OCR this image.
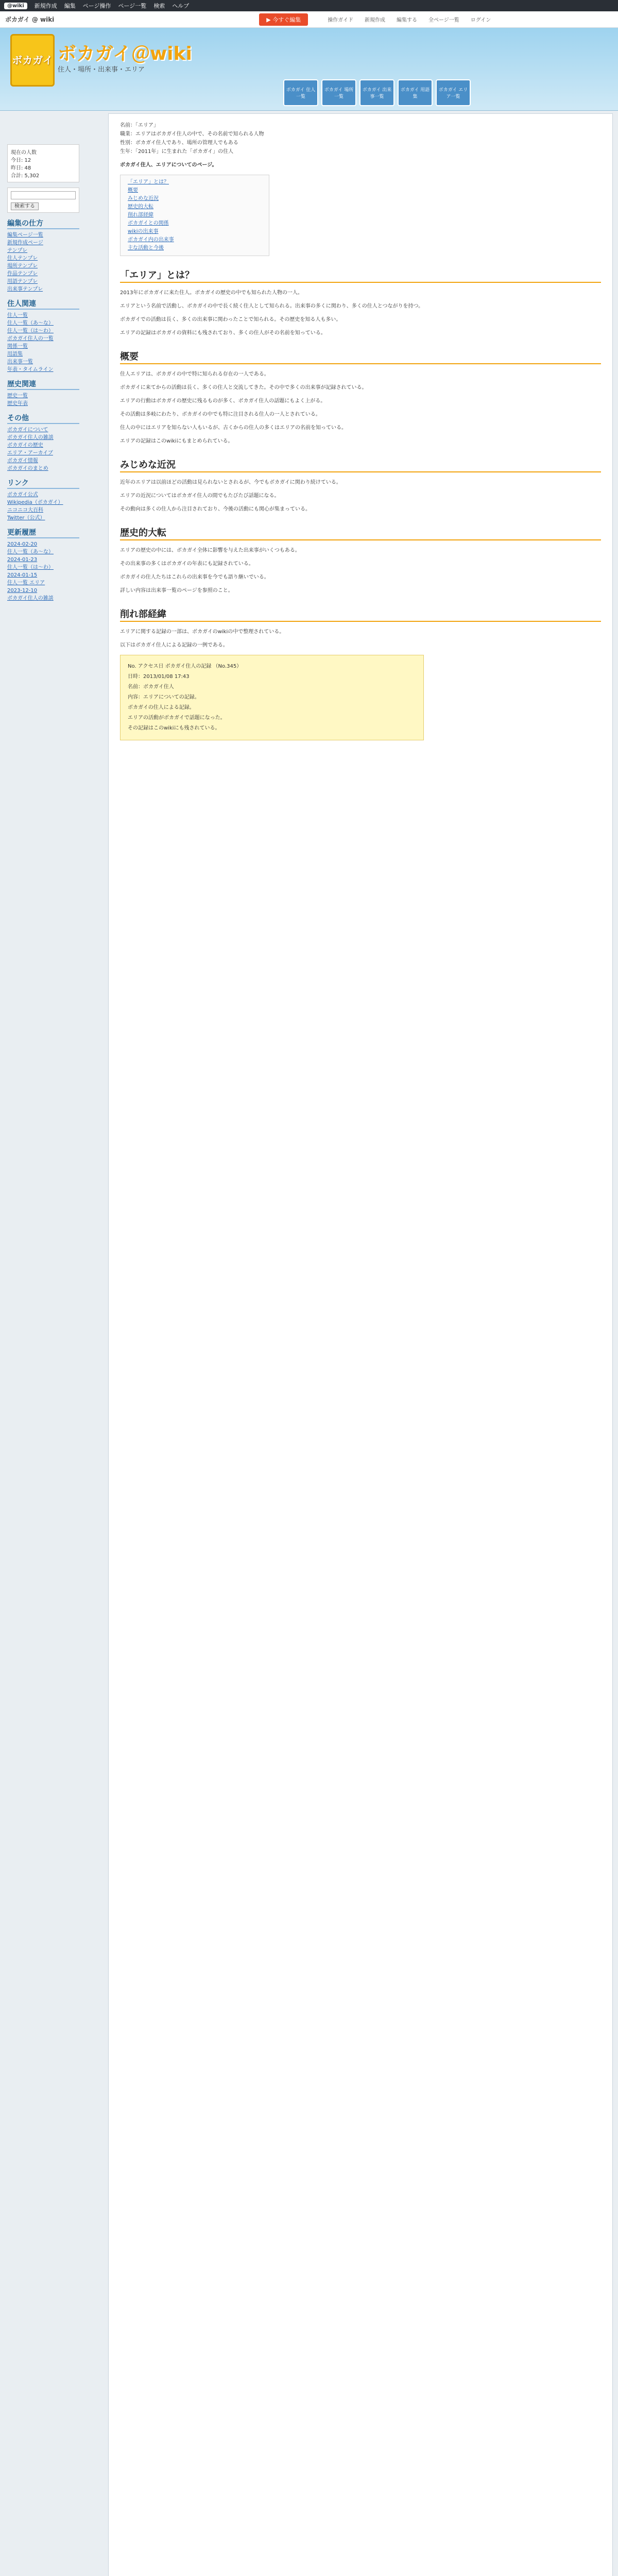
@wiki	新規作成 編集 ページ操作 ページ一覧 検索 ヘルプ
ボカガイ @ wiki	▶ 今すぐ編集	操作ガイド 新規作成 編集する 全ページ一覧 ログイン
ボカガイ ボカガイ＠wiki
住人・場所・出来事・エリア
ボカガイ 住人一覧
ボカガイ 場所一覧
ボカガイ 出来事一覧
ボカガイ 用語集
ボカガイ エリア一覧
現在の人数
今日: 12
昨日: 48
合計: 5,302
検索する
編集の仕方
編集ページ一覧
新規作成ページ
テンプレ
住人テンプレ
場所テンプレ
作品テンプレ
用語テンプレ
出来事テンプレ
住人関連
住人一覧
住人一覧（あ〜な）
住人一覧（は〜わ）
ボカガイ住人の一覧
関係一覧
用語集
出来事一覧
年表・タイムライン
歴史関連
歴史一覧
歴史年表
その他
ボカガイについて
ボカガイ住人の雑談
ボカガイの歴史
エリア・アーカイブ
ボカガイ情報
ボカガイのまとめ
リンク
ボカガイ公式
Wikipedia（ボカガイ）
ニコニコ大百科
Twitter（公式）
更新履歴
2024-02-20
住人一覧（あ〜な）
2024-01-23
住人一覧（は〜わ）
2024-01-15
住人一覧 エリア
2023-12-10
ボカガイ住人の雑談
名前：「エリア」
職業：エリアはボカガイ住人の中で、その名前で知られる人物
性別：ボカガイ住人であり、場所の管理人でもある
生年：「2011年」に生まれた「ボカガイ」の住人

ボカガイ住人、エリアについてのページ。

「エリア」とは？
概要
みじめな近況
歴史的大転
削れ部経緯
ボカガイとの関係
wikiの出来事
ボカガイ内の出来事
主な活動と今後
「エリア」とは？

2013年にボカガイに来た住人。ボカガイの歴史の中でも知られた人物の一人。

エリアという名前で活動し、ボカガイの中で長く続く住人として知られる。出来事の多くに関わり、多くの住人とつながりを持つ。

ボカガイでの活動は長く、多くの出来事に関わったことで知られる。その歴史を知る人も多い。

エリアの記録はボカガイの資料にも残されており、多くの住人がその名前を知っている。

概要

住人エリアは、ボカガイの中で特に知られる存在の一人である。

ボカガイに来てからの活動は長く、多くの住人と交流してきた。その中で多くの出来事が記録されている。

エリアの行動はボカガイの歴史に残るものが多く、ボカガイ住人の話題にもよく上がる。

その活動は多岐にわたり、ボカガイの中でも特に注目される住人の一人とされている。

住人の中にはエリアを知らない人もいるが、古くからの住人の多くはエリアの名前を知っている。

エリアの記録はこのwikiにもまとめられている。

みじめな近況

近年のエリアは以前ほどの活動は見られないとされるが、今でもボカガイに関わり続けている。

エリアの近況についてはボカガイ住人の間でもたびたび話題になる。

その動向は多くの住人から注目されており、今後の活動にも関心が集まっている。

歴史的大転

エリアの歴史の中には、ボカガイ全体に影響を与えた出来事がいくつもある。

その出来事の多くはボカガイの年表にも記録されている。

ボカガイの住人たちはこれらの出来事を今でも語り継いでいる。

詳しい内容は出来事一覧のページを参照のこと。

削れ部経緯

エリアに関する記録の一部は、ボカガイのwikiの中で整理されている。

以下はボカガイ住人による記録の一例である。

No. アクセス日 ボカガイ住人の記録 （No.345）
日時：2013/01/08 17:43
名前：ボカガイ住人
内容：エリアについての記録。
ボカガイの住人による記録。
エリアの活動がボカガイで話題になった。
その記録はこのwikiにも残されている。
